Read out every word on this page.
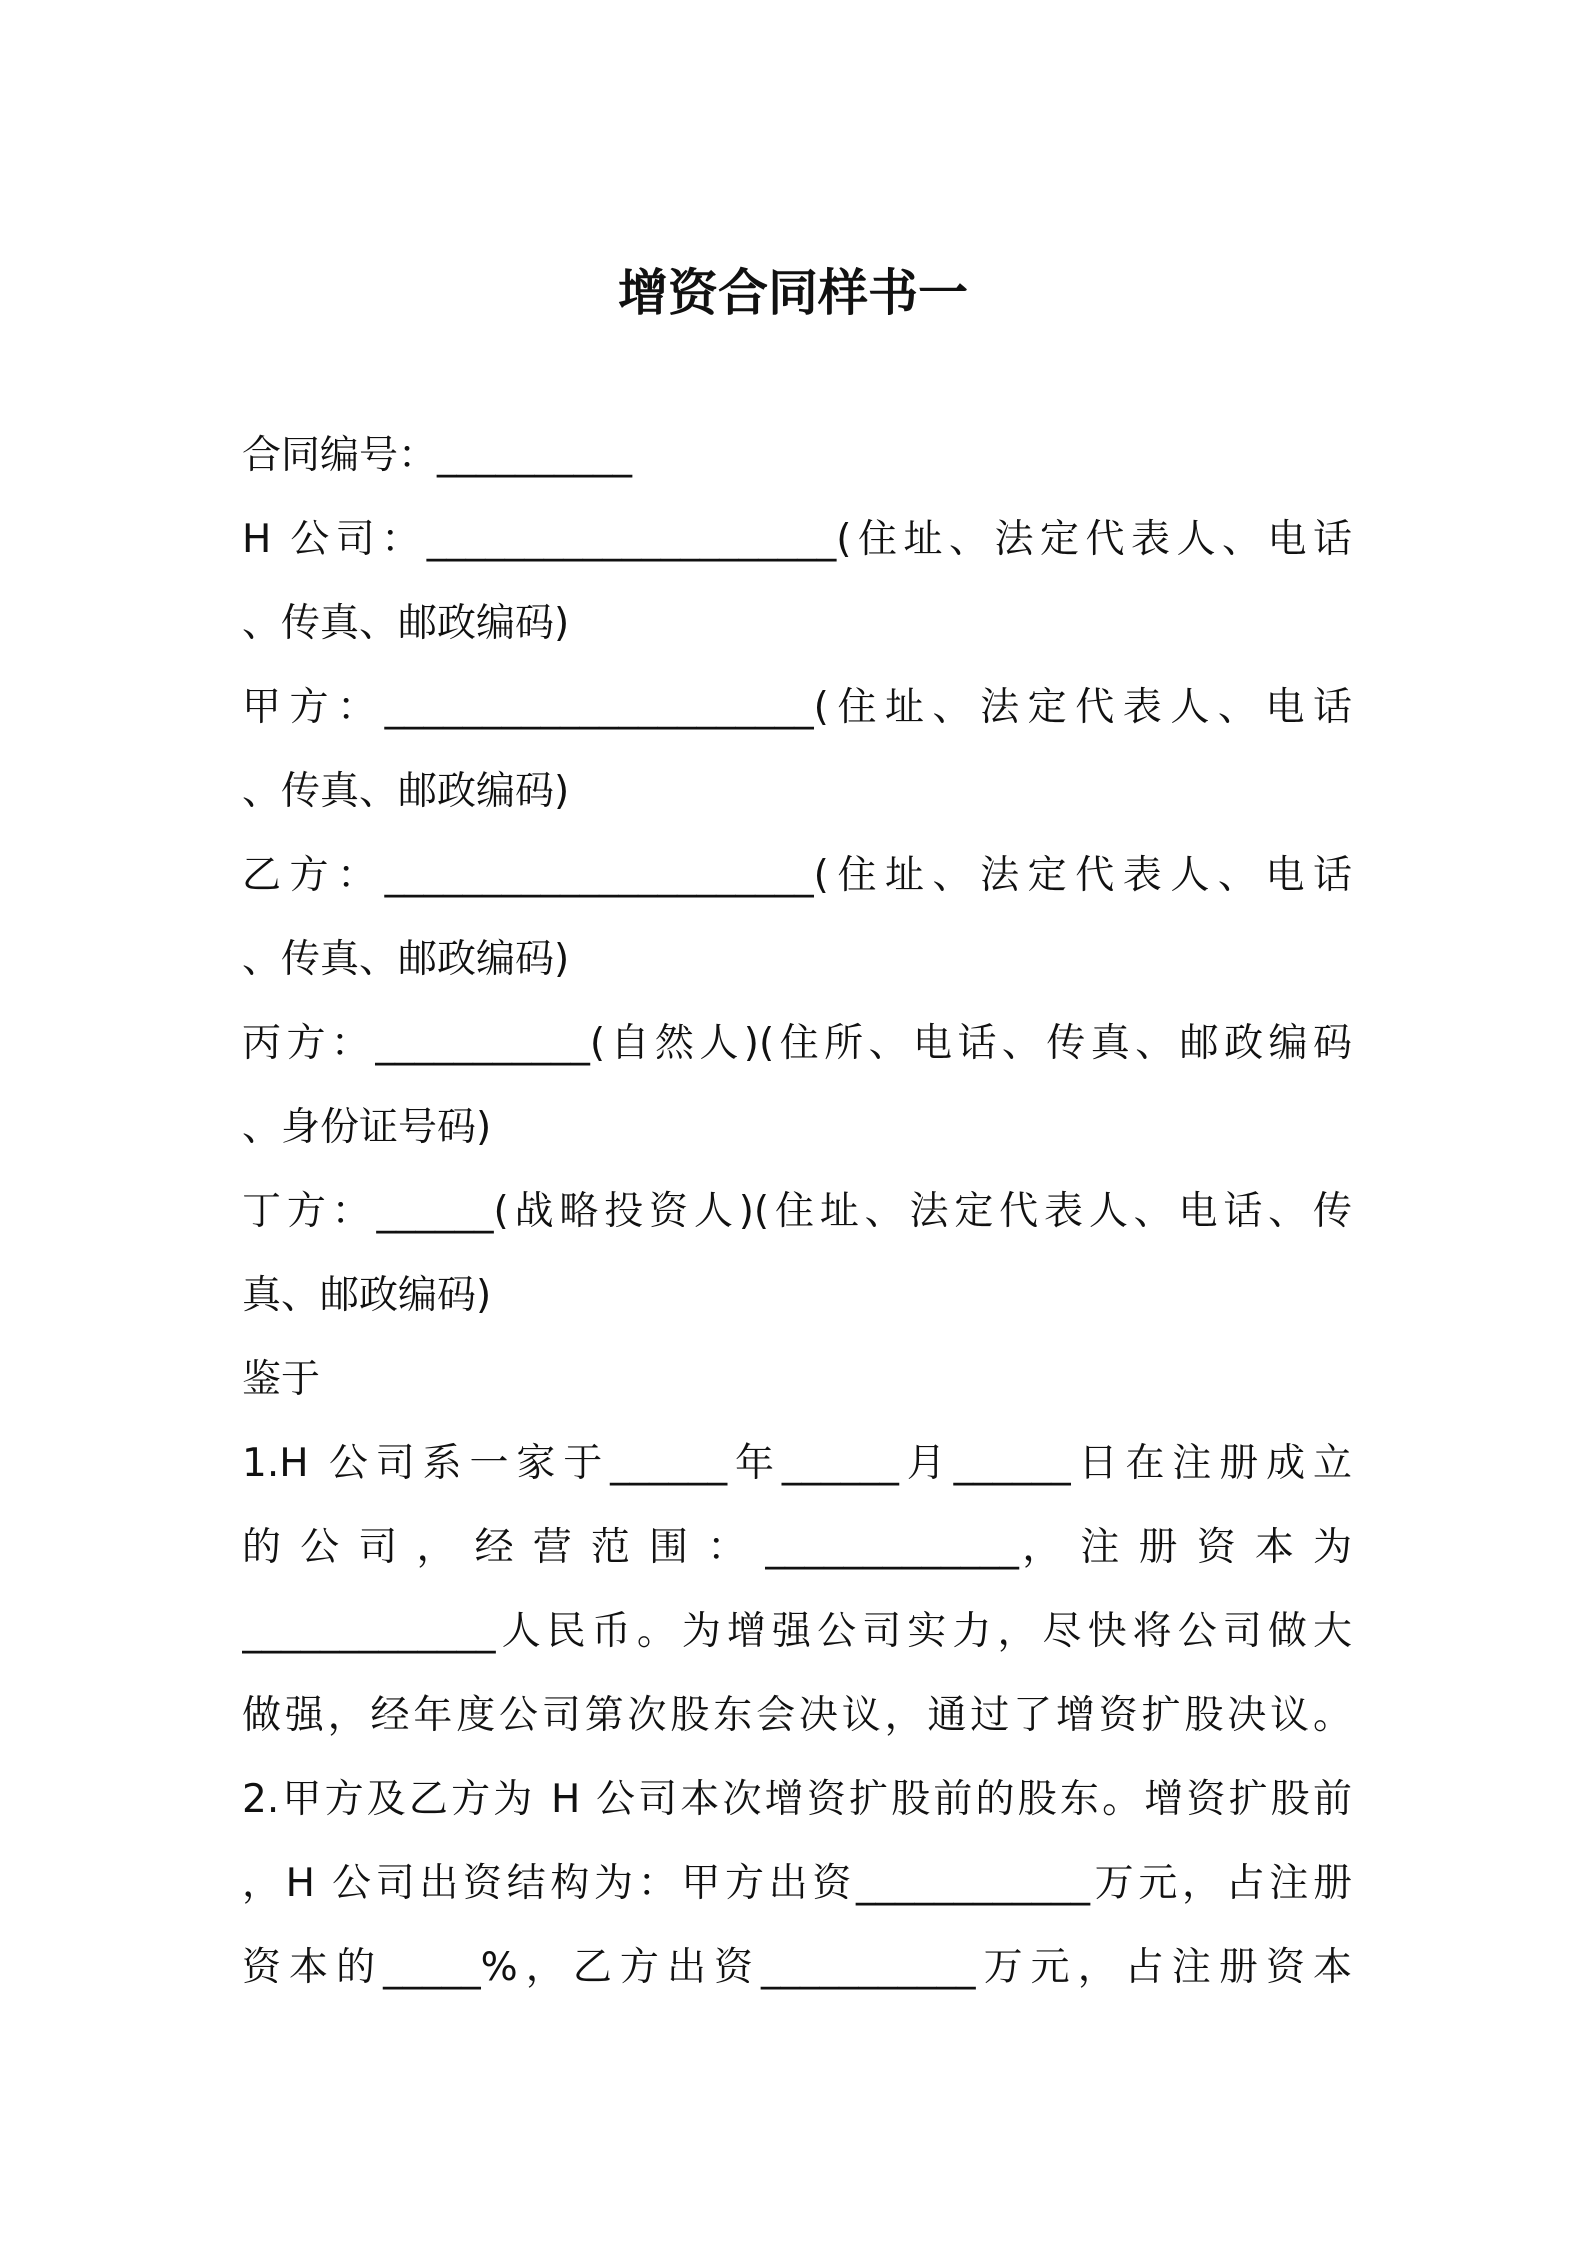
增资合同样书一
合同编号：__________
H 公司：_____________________(住址、法定代表人、电话
、传真、邮政编码)
甲方：______________________(住址、法定代表人、电话
、传真、邮政编码)
乙方：______________________(住址、法定代表人、电话
、传真、邮政编码)
丙方：___________(自然人)(住所、电话、传真、邮政编码
、身份证号码)
丁方：______(战略投资人)(住址、法定代表人、电话、传
真、邮政编码)
鉴于
1.H 公司系一家于______年______月______日在注册成立
的 公 司 ， 经 营 范 围 ： _____________， 注 册 资 本 为
_____________人民币。为增强公司实力，尽快将公司做大
做强，经年度公司第次股东会决议，通过了增资扩股决议。
2.甲方及乙方为 H 公司本次增资扩股前的股东。增资扩股前
，H 公司出资结构为：甲方出资____________万元，占注册
资本的_____%，乙方出资___________万元，占注册资本
